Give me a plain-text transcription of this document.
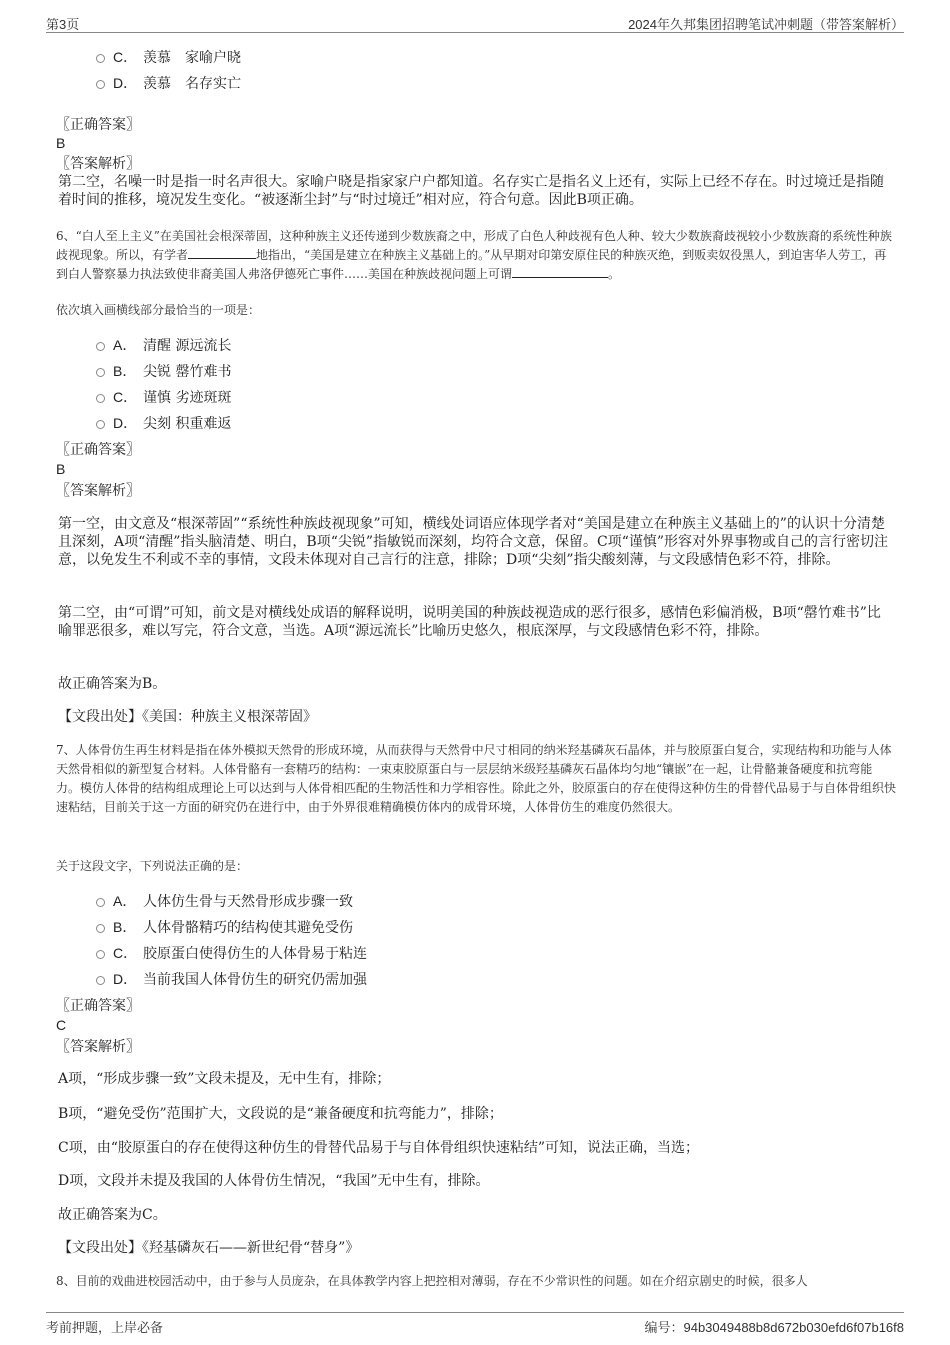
第3页	2024年久邦集团招聘笔试冲刺题（带答案解析）
C． 羡慕　家喻户晓
D． 羡慕　名存实亡
〖正确答案〗
B
〖答案解析〗
第二空，名噪一时是指一时名声很大。家喻户晓是指家家户户都知道。名存实亡是指名义上还有，实际上已经不存在。时过境迁是指随着时间的推移，境况发生变化。“被逐渐尘封”与“时过境迁”相对应，符合句意。因此B项正确。
6、“白人至上主义”在美国社会根深蒂固，这种种族主义还传递到少数族裔之中，形成了白色人种歧视有色人种、较大少数族裔歧视较小少数族裔的系统性种族歧视现象。所以，有学者	地指出，“美国是建立在种族主义基础上的。”从早期对印第安原住民的种族灭绝，到贩卖奴役黑人，到迫害华人劳工，再到白人警察暴力执法致使非裔美国人弗洛伊德死亡事件……美国在种族歧视问题上可谓	。
依次填入画横线部分最恰当的一项是：
A． 清醒 源远流长
B． 尖锐 罄竹难书
C． 谨慎 劣迹斑斑
D． 尖刻 积重难返
〖正确答案〗
B
〖答案解析〗
第一空，由文意及“根深蒂固”“系统性种族歧视现象”可知，横线处词语应体现学者对“美国是建立在种族主义基础上的”的认识十分清楚且深刻，A项“清醒”指头脑清楚、明白，B项“尖锐”指敏锐而深刻，均符合文意，保留。C项“谨慎”形容对外界事物或自己的言行密切注意，以免发生不利或不幸的事情，文段未体现对自己言行的注意，排除；D项“尖刻”指尖酸刻薄，与文段感情色彩不符，排除。
第二空，由“可谓”可知，前文是对横线处成语的解释说明，说明美国的种族歧视造成的恶行很多，感情色彩偏消极，B项“罄竹难书”比喻罪恶很多，难以写完，符合文意，当选。A项“源远流长”比喻历史悠久，根底深厚，与文段感情色彩不符，排除。
故正确答案为B。
【文段出处】《美国：种族主义根深蒂固》
7、人体骨仿生再生材料是指在体外模拟天然骨的形成环境，从而获得与天然骨中尺寸相同的纳米羟基磷灰石晶体，并与胶原蛋白复合，实现结构和功能与人体天然骨相似的新型复合材料。人体骨骼有一套精巧的结构：一束束胶原蛋白与一层层纳米级羟基磷灰石晶体均匀地“镶嵌”在一起，让骨骼兼备硬度和抗弯能力。模仿人体骨的结构组成理论上可以达到与人体骨相匹配的生物活性和力学相容性。除此之外，胶原蛋白的存在使得这种仿生的骨替代品易于与自体骨组织快速粘结，目前关于这一方面的研究仍在进行中，由于外界很难精确模仿体内的成骨环境，人体骨仿生的难度仍然很大。
关于这段文字，下列说法正确的是：
A． 人体仿生骨与天然骨形成步骤一致
B． 人体骨骼精巧的结构使其避免受伤
C． 胶原蛋白使得仿生的人体骨易于粘连
D． 当前我国人体骨仿生的研究仍需加强
〖正确答案〗
C
〖答案解析〗
A项，“形成步骤一致”文段未提及，无中生有，排除；
B项，“避免受伤”范围扩大，文段说的是“兼备硬度和抗弯能力”，排除；
C项，由“胶原蛋白的存在使得这种仿生的骨替代品易于与自体骨组织快速粘结”可知，说法正确，当选；
D项，文段并未提及我国的人体骨仿生情况，“我国”无中生有，排除。
故正确答案为C。
【文段出处】《羟基磷灰石——新世纪骨“替身”》
8、目前的戏曲进校园活动中，由于参与人员庞杂，在具体教学内容上把控相对薄弱，存在不少常识性的问题。如在介绍京剧史的时候，很多人
考前押题，上岸必备	编号：94b3049488b8d672b030efd6f07b16f8
